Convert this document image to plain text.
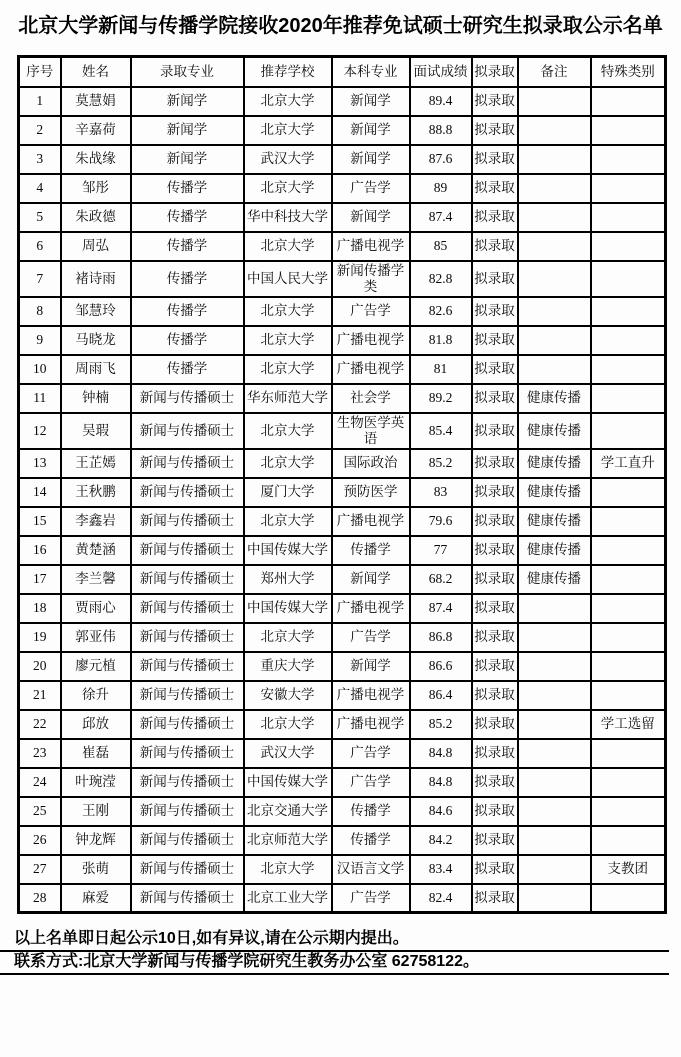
北京大学新闻与传播学院接收2020年推荐免试硕士研究生拟录取公示名单
序号	姓名	录取专业	推荐学校	本科专业	面试成绩	拟录取	备注	特殊类别
1	莫慧娟	新闻学	北京大学	新闻学	89.4	拟录取		
2	辛嘉荷	新闻学	北京大学	新闻学	88.8	拟录取		
3	朱战缘	新闻学	武汉大学	新闻学	87.6	拟录取		
4	邹彤	传播学	北京大学	广告学	89	拟录取		
5	朱政德	传播学	华中科技大学	新闻学	87.4	拟录取		
6	周弘	传播学	北京大学	广播电视学	85	拟录取		
7	褚诗雨	传播学	中国人民大学	新闻传播学类	82.8	拟录取		
8	邹慧玲	传播学	北京大学	广告学	82.6	拟录取		
9	马晓龙	传播学	北京大学	广播电视学	81.8	拟录取		
10	周雨飞	传播学	北京大学	广播电视学	81	拟录取		
11	钟楠	新闻与传播硕士	华东师范大学	社会学	89.2	拟录取	健康传播	
12	吴瑕	新闻与传播硕士	北京大学	生物医学英语	85.4	拟录取	健康传播	
13	王芷嫣	新闻与传播硕士	北京大学	国际政治	85.2	拟录取	健康传播	学工直升
14	王秋鹏	新闻与传播硕士	厦门大学	预防医学	83	拟录取	健康传播	
15	李鑫岩	新闻与传播硕士	北京大学	广播电视学	79.6	拟录取	健康传播	
16	黄楚涵	新闻与传播硕士	中国传媒大学	传播学	77	拟录取	健康传播	
17	李兰馨	新闻与传播硕士	郑州大学	新闻学	68.2	拟录取	健康传播	
18	贾雨心	新闻与传播硕士	中国传媒大学	广播电视学	87.4	拟录取		
19	郭亚伟	新闻与传播硕士	北京大学	广告学	86.8	拟录取		
20	廖元植	新闻与传播硕士	重庆大学	新闻学	86.6	拟录取		
21	徐升	新闻与传播硕士	安徽大学	广播电视学	86.4	拟录取		
22	邱放	新闻与传播硕士	北京大学	广播电视学	85.2	拟录取		学工选留
23	崔磊	新闻与传播硕士	武汉大学	广告学	84.8	拟录取		
24	叶琬滢	新闻与传播硕士	中国传媒大学	广告学	84.8	拟录取		
25	王刚	新闻与传播硕士	北京交通大学	传播学	84.6	拟录取		
26	钟龙辉	新闻与传播硕士	北京师范大学	传播学	84.2	拟录取		
27	张萌	新闻与传播硕士	北京大学	汉语言文学	83.4	拟录取		支教团
28	麻爱	新闻与传播硕士	北京工业大学	广告学	82.4	拟录取		
以上名单即日起公示10日,如有异议,请在公示期内提出。
联系方式:北京大学新闻与传播学院研究生教务办公室 62758122。
